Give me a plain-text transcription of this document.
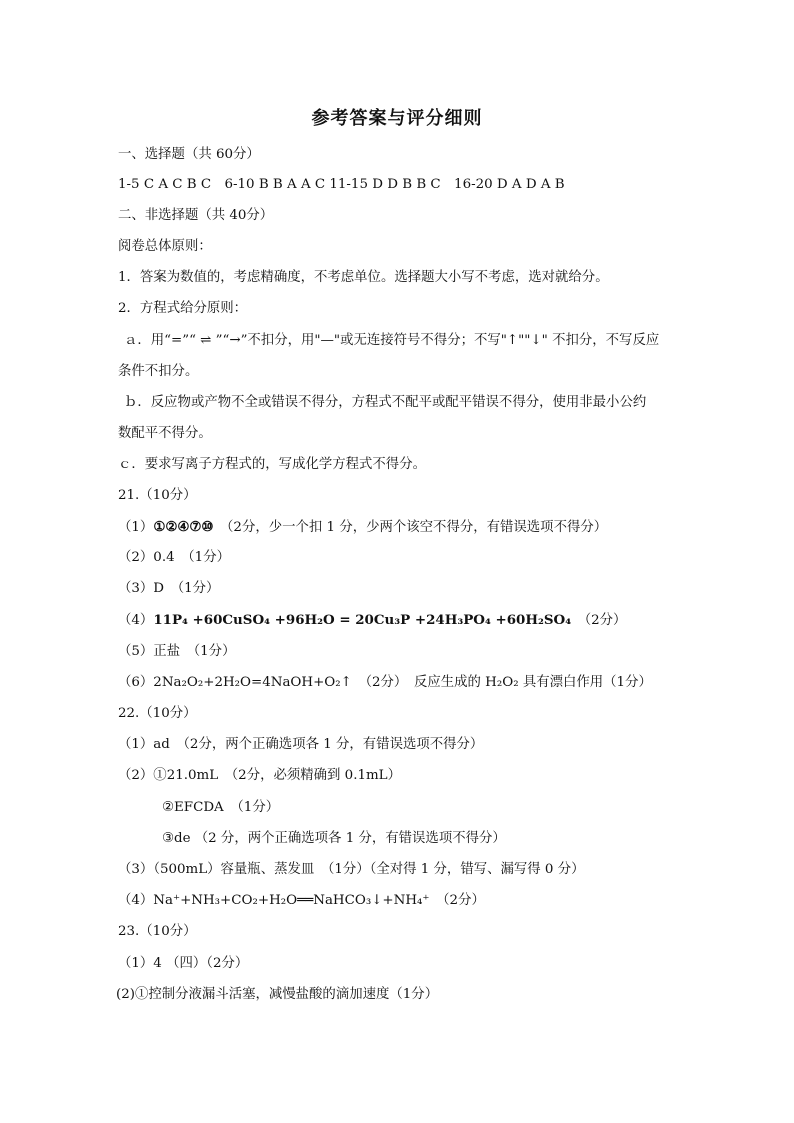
参考答案与评分细则
一、选择题（共 60分）
1-5 C A C B C　6-10 B B A A C 11-15 D D B B C　16-20 D A D A B
二、非选择题（共 40分）
阅卷总体原则：
1．答案为数值的，考虑精确度，不考虑单位。选择题大小写不考虑，选对就给分。
2．方程式给分原则：
ａ．用“=”“ ⇌ ”“→”不扣分，用"—"或无连接符号不得分；不写"↑""↓" 不扣分，不写反应
条件不扣分。
ｂ．反应物或产物不全或错误不得分，方程式不配平或配平错误不得分，使用非最小公约
数配平不得分。
ｃ．要求写离子方程式的，写成化学方程式不得分。
21.（10分）
（1）①②④⑦⑩　（2分，少一个扣 1 分，少两个该空不得分，有错误选项不得分）
（2）0.4　（1分）
（3）D　（1分）
（4）11P₄ +60CuSO₄ +96H₂O = 20Cu₃P +24H₃PO₄ +60H₂SO₄　（2分）
（5）正盐　（1分）
（6）2Na₂O₂+2H₂O=4NaOH+O₂↑　（2分）　反应生成的 H₂O₂ 具有漂白作用（1分）
22.（10分）
（1）ad　（2分，两个正确选项各 1 分，有错误选项不得分）
（2）①21.0mL　（2分，必须精确到 0.1mL）
②EFCDA　（1分）
③de （2 分，两个正确选项各 1 分，有错误选项不得分）
（3）（500mL）容量瓶、蒸发皿　（1分）（全对得 1 分，错写、漏写得 0 分）
（4）Na⁺+NH₃+CO₂+H₂O══NaHCO₃↓+NH₄⁺　（2分）
23.（10分）
（1）4 （四）（2分）
(2)①控制分液漏斗活塞，减慢盐酸的滴加速度（1分）
